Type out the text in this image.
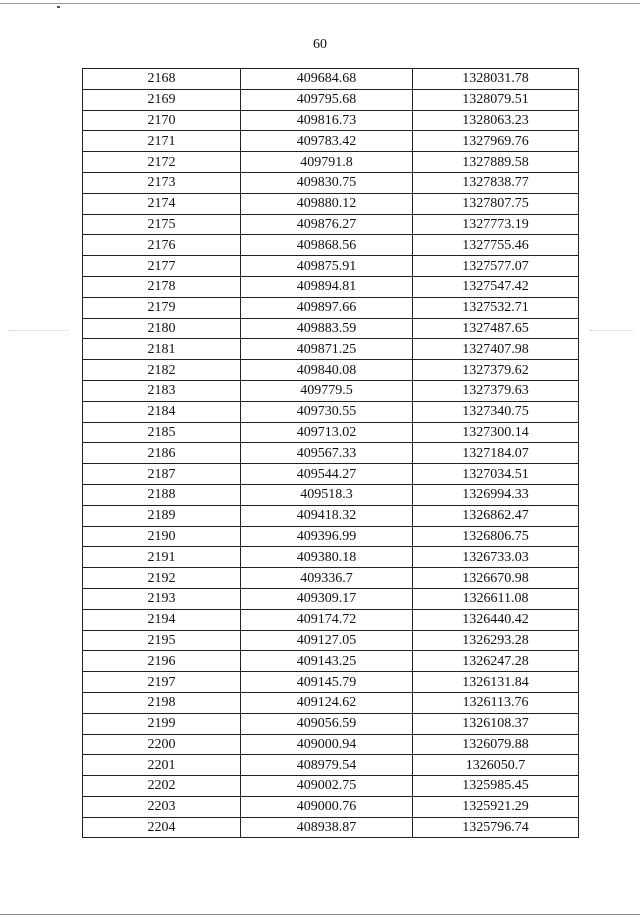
60
2168	409684.68	1328031.78
2169	409795.68	1328079.51
2170	409816.73	1328063.23
2171	409783.42	1327969.76
2172	409791.8	1327889.58
2173	409830.75	1327838.77
2174	409880.12	1327807.75
2175	409876.27	1327773.19
2176	409868.56	1327755.46
2177	409875.91	1327577.07
2178	409894.81	1327547.42
2179	409897.66	1327532.71
2180	409883.59	1327487.65
2181	409871.25	1327407.98
2182	409840.08	1327379.62
2183	409779.5	1327379.63
2184	409730.55	1327340.75
2185	409713.02	1327300.14
2186	409567.33	1327184.07
2187	409544.27	1327034.51
2188	409518.3	1326994.33
2189	409418.32	1326862.47
2190	409396.99	1326806.75
2191	409380.18	1326733.03
2192	409336.7	1326670.98
2193	409309.17	1326611.08
2194	409174.72	1326440.42
2195	409127.05	1326293.28
2196	409143.25	1326247.28
2197	409145.79	1326131.84
2198	409124.62	1326113.76
2199	409056.59	1326108.37
2200	409000.94	1326079.88
2201	408979.54	1326050.7
2202	409002.75	1325985.45
2203	409000.76	1325921.29
2204	408938.87	1325796.74
